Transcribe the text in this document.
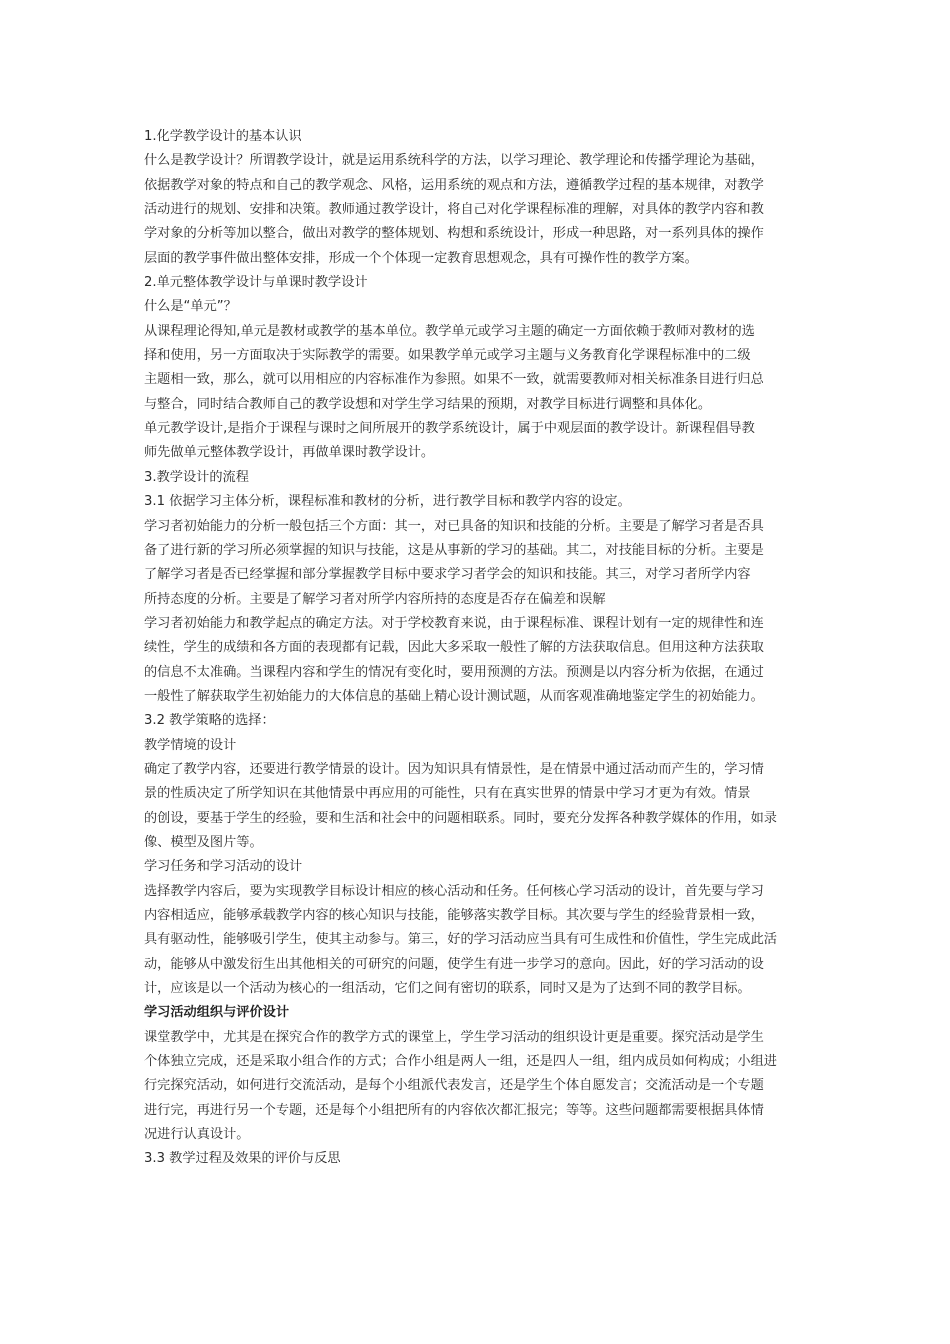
1.化学教学设计的基本认识
什么是教学设计？所谓教学设计，就是运用系统科学的方法，以学习理论、教学理论和传播学理论为基础，
依据教学对象的特点和自己的教学观念、风格，运用系统的观点和方法，遵循教学过程的基本规律，对教学
活动进行的规划、安排和决策。教师通过教学设计，将自己对化学课程标准的理解，对具体的教学内容和教
学对象的分析等加以整合，做出对教学的整体规划、构想和系统设计，形成一种思路，对一系列具体的操作
层面的教学事件做出整体安排，形成一个个体现一定教育思想观念，具有可操作性的教学方案。
2.单元整体教学设计与单课时教学设计
什么是“单元”？
从课程理论得知,单元是教材或教学的基本单位。教学单元或学习主题的确定一方面依赖于教师对教材的选
择和使用，另一方面取决于实际教学的需要。如果教学单元或学习主题与义务教育化学课程标准中的二级
主题相一致，那么，就可以用相应的内容标准作为参照。如果不一致，就需要教师对相关标准条目进行归总
与整合，同时结合教师自己的教学设想和对学生学习结果的预期，对教学目标进行调整和具体化。
单元教学设计,是指介于课程与课时之间所展开的教学系统设计，属于中观层面的教学设计。新课程倡导教
师先做单元整体教学设计，再做单课时教学设计。
3.教学设计的流程
3.1 依据学习主体分析，课程标准和教材的分析，进行教学目标和教学内容的设定。
学习者初始能力的分析一般包括三个方面：其一，对已具备的知识和技能的分析。主要是了解学习者是否具
备了进行新的学习所必须掌握的知识与技能，这是从事新的学习的基础。其二，对技能目标的分析。主要是
了解学习者是否已经掌握和部分掌握教学目标中要求学习者学会的知识和技能。其三，对学习者所学内容
所持态度的分析。主要是了解学习者对所学内容所持的态度是否存在偏差和误解
学习者初始能力和教学起点的确定方法。对于学校教育来说，由于课程标准、课程计划有一定的规律性和连
续性，学生的成绩和各方面的表现都有记载，因此大多采取一般性了解的方法获取信息。但用这种方法获取
的信息不太准确。当课程内容和学生的情况有变化时，要用预测的方法。预测是以内容分析为依据，在通过
一般性了解获取学生初始能力的大体信息的基础上精心设计测试题，从而客观准确地鉴定学生的初始能力。
3.2 教学策略的选择：
教学情境的设计
确定了教学内容，还要进行教学情景的设计。因为知识具有情景性，是在情景中通过活动而产生的，学习情
景的性质决定了所学知识在其他情景中再应用的可能性，只有在真实世界的情景中学习才更为有效。情景
的创设，要基于学生的经验，要和生活和社会中的问题相联系。同时，要充分发挥各种教学媒体的作用，如录
像、模型及图片等。
学习任务和学习活动的设计
选择教学内容后，要为实现教学目标设计相应的核心活动和任务。任何核心学习活动的设计，首先要与学习
内容相适应，能够承载教学内容的核心知识与技能，能够落实教学目标。其次要与学生的经验背景相一致，
具有驱动性，能够吸引学生，使其主动参与。第三，好的学习活动应当具有可生成性和价值性，学生完成此活
动，能够从中激发衍生出其他相关的可研究的问题，使学生有进一步学习的意向。因此，好的学习活动的设
计，应该是以一个活动为核心的一组活动，它们之间有密切的联系，同时又是为了达到不同的教学目标。
学习活动组织与评价设计
课堂教学中，尤其是在探究合作的教学方式的课堂上，学生学习活动的组织设计更是重要。探究活动是学生
个体独立完成，还是采取小组合作的方式；合作小组是两人一组，还是四人一组，组内成员如何构成；小组进
行完探究活动，如何进行交流活动，是每个小组派代表发言，还是学生个体自愿发言；交流活动是一个专题
进行完，再进行另一个专题，还是每个小组把所有的内容依次都汇报完；等等。这些问题都需要根据具体情
况进行认真设计。
3.3 教学过程及效果的评价与反思
